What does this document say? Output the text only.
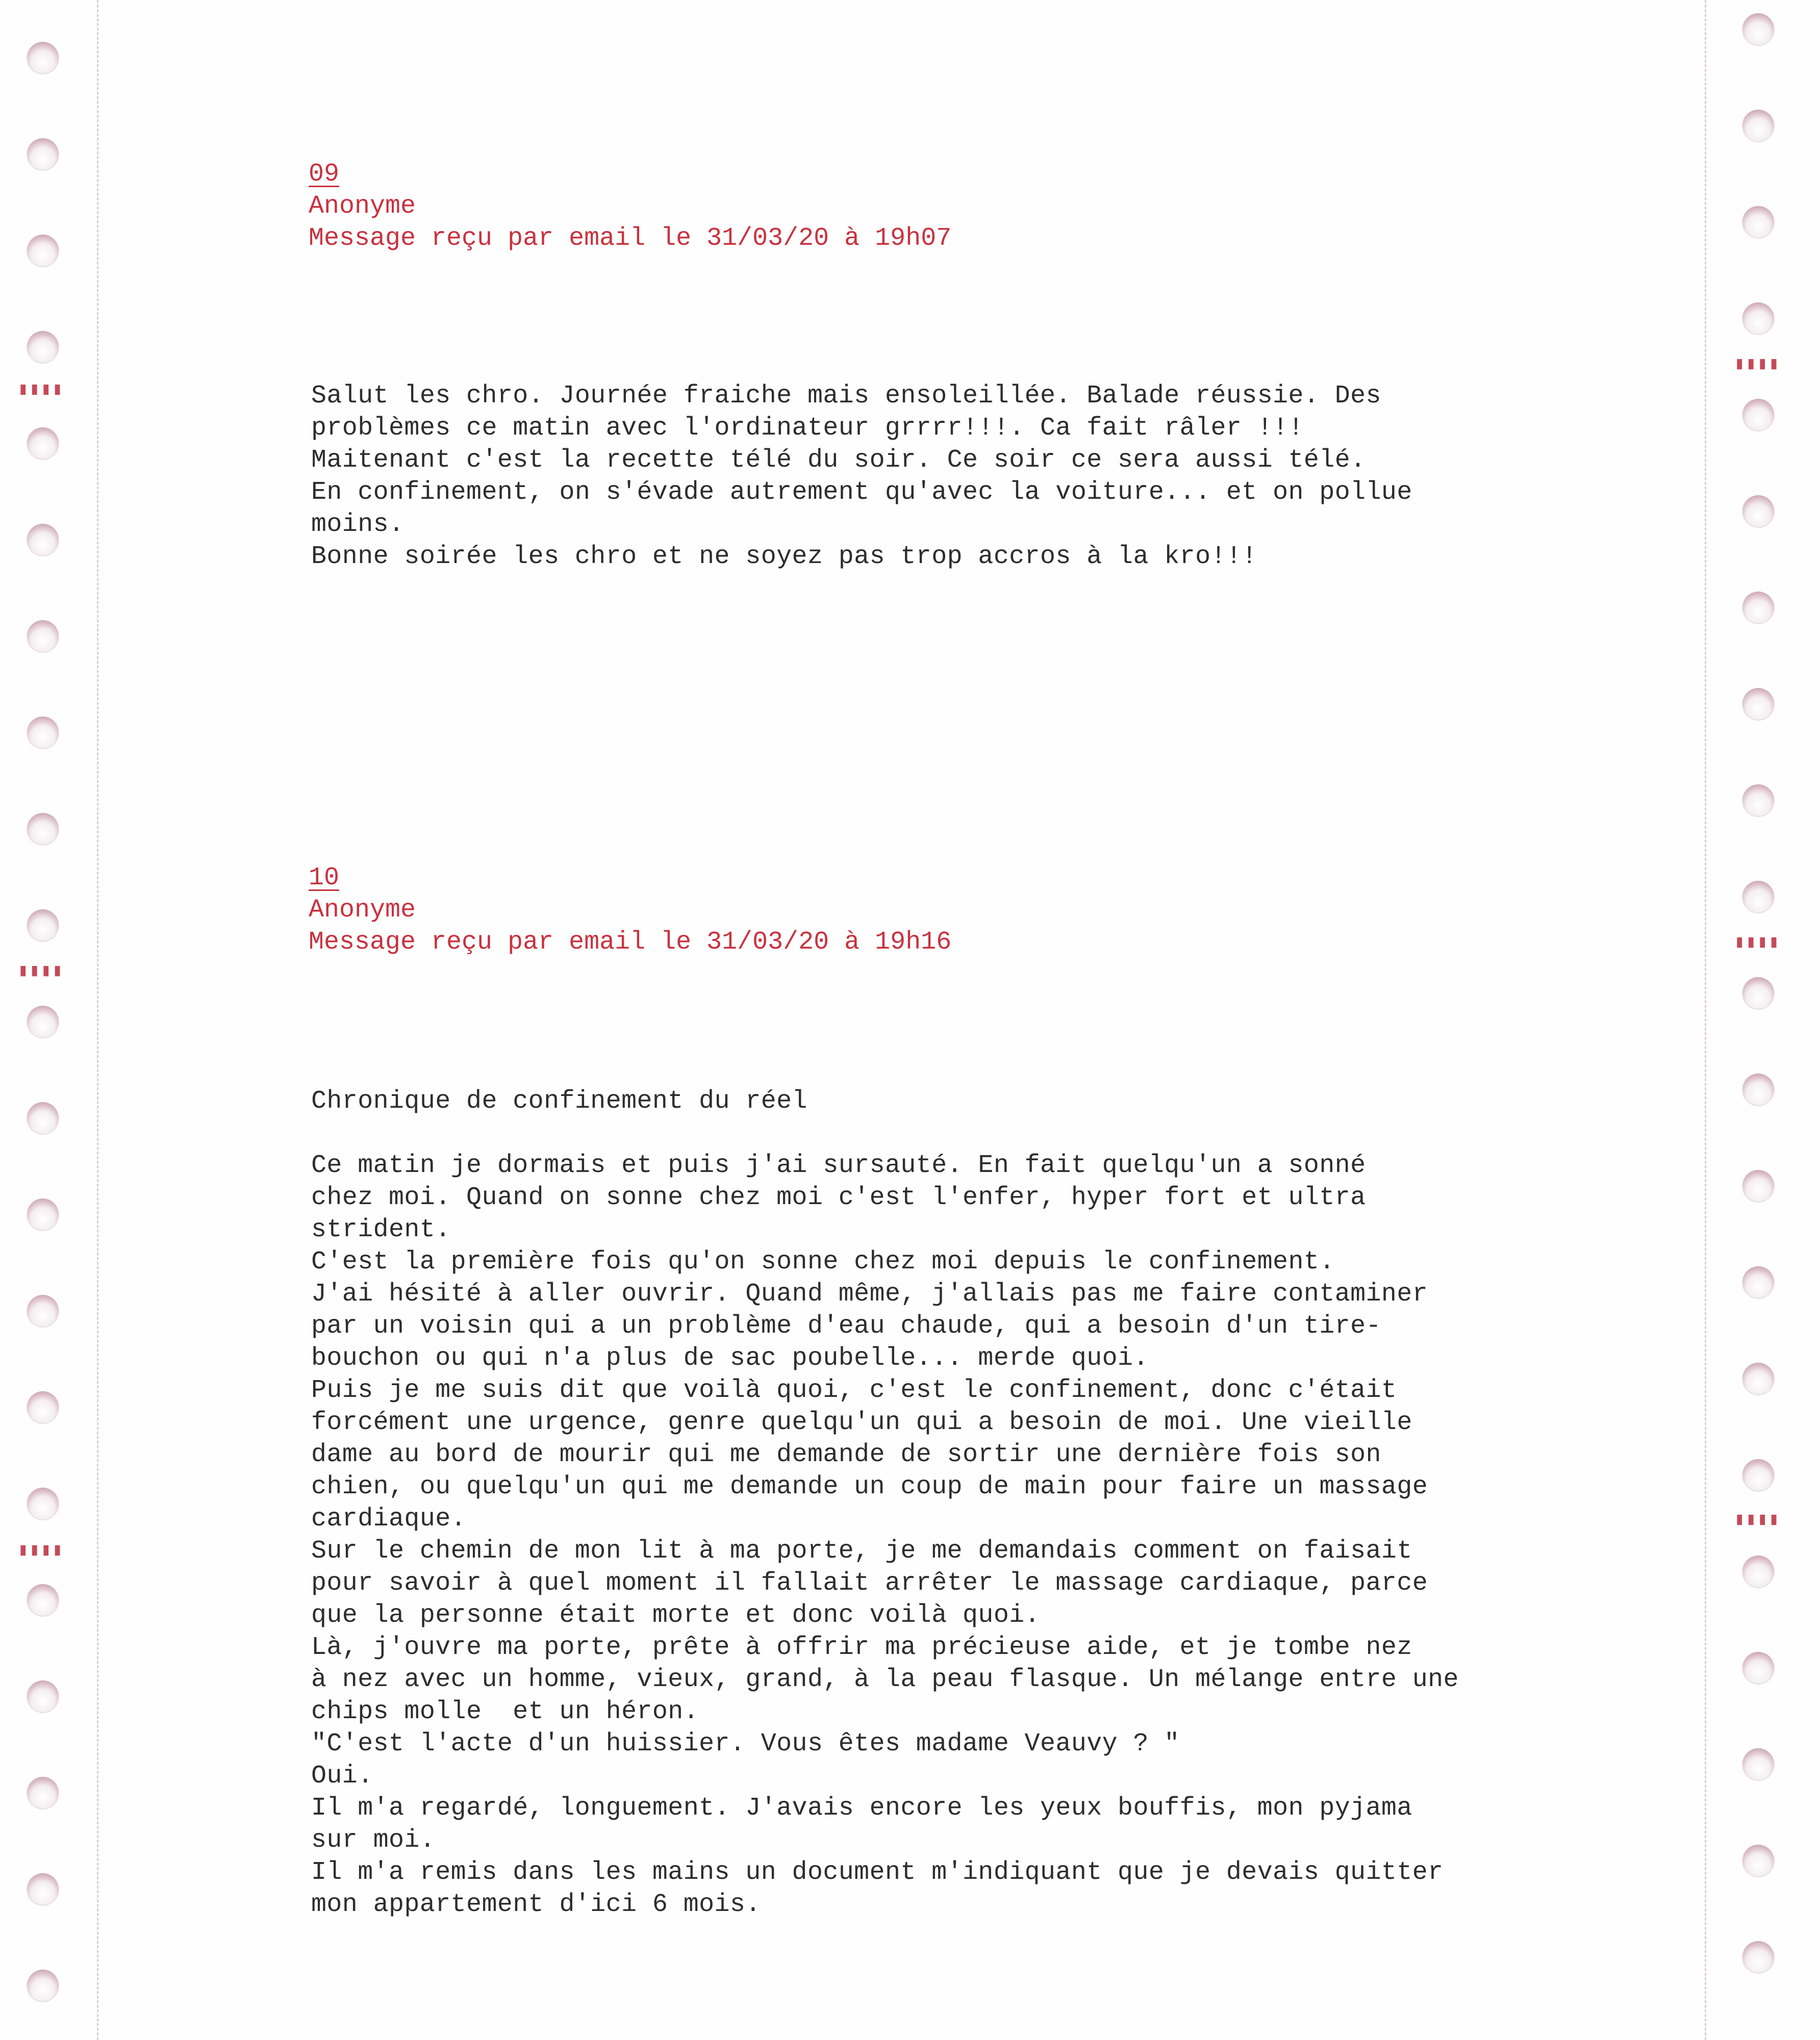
▮▮▮▮
▮▮▮▮
▮▮▮▮
▮▮▮▮
▮▮▮▮
▮▮▮▮
09
Anonyme
Message reçu par email le 31/03/20 à 19h07
Salut les chro. Journée fraiche mais ensoleillée. Balade réussie. Des
problèmes ce matin avec l'ordinateur grrrr!!!. Ca fait râler !!!
Maitenant c'est la recette télé du soir. Ce soir ce sera aussi télé.
En confinement, on s'évade autrement qu'avec la voiture... et on pollue
moins.
Bonne soirée les chro et ne soyez pas trop accros à la kro!!!
10
Anonyme
Message reçu par email le 31/03/20 à 19h16
Chronique de confinement du réel

Ce matin je dormais et puis j'ai sursauté. En fait quelqu'un a sonné
chez moi. Quand on sonne chez moi c'est l'enfer, hyper fort et ultra
strident.
C'est la première fois qu'on sonne chez moi depuis le confinement.
J'ai hésité à aller ouvrir. Quand même, j'allais pas me faire contaminer
par un voisin qui a un problème d'eau chaude, qui a besoin d'un tire-
bouchon ou qui n'a plus de sac poubelle... merde quoi.
Puis je me suis dit que voilà quoi, c'est le confinement, donc c'était
forcément une urgence, genre quelqu'un qui a besoin de moi. Une vieille
dame au bord de mourir qui me demande de sortir une dernière fois son
chien, ou quelqu'un qui me demande un coup de main pour faire un massage
cardiaque.
Sur le chemin de mon lit à ma porte, je me demandais comment on faisait
pour savoir à quel moment il fallait arrêter le massage cardiaque, parce
que la personne était morte et donc voilà quoi.
Là, j'ouvre ma porte, prête à offrir ma précieuse aide, et je tombe nez
à nez avec un homme, vieux, grand, à la peau flasque. Un mélange entre une
chips molle  et un héron.
"C'est l'acte d'un huissier. Vous êtes madame Veauvy ? "
Oui.
Il m'a regardé, longuement. J'avais encore les yeux bouffis, mon pyjama
sur moi.
Il m'a remis dans les mains un document m'indiquant que je devais quitter
mon appartement d'ici 6 mois.
